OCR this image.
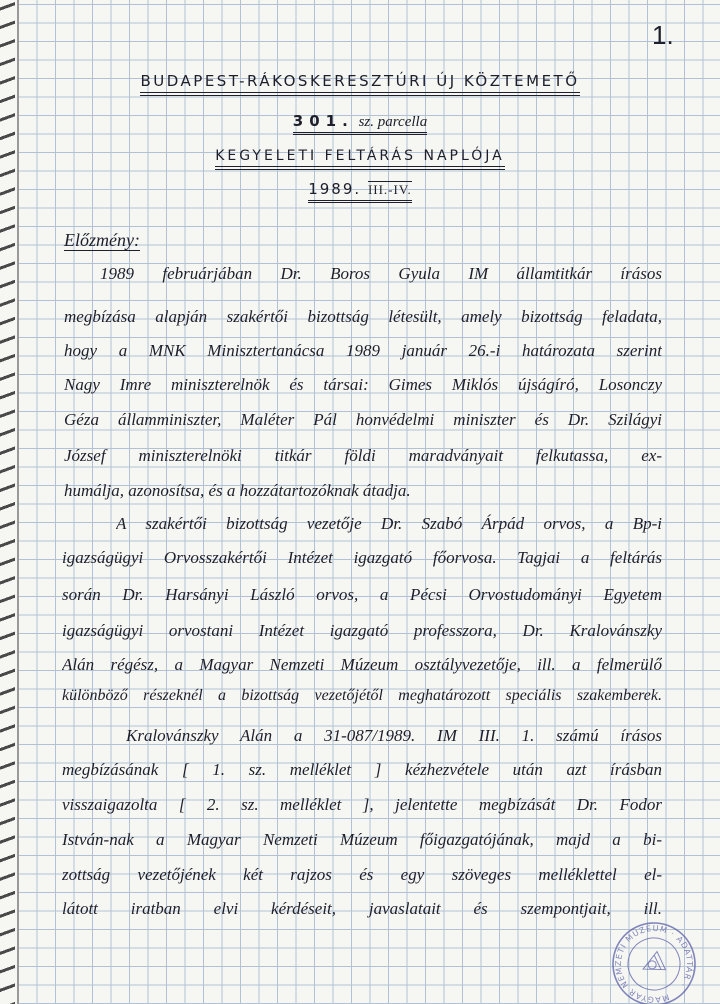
1.
BUDAPEST-RÁKOSKERESZTÚRI ÚJ KÖZTEMETŐ
301. sz. parcella
KEGYELETI FELTÁRÁS NAPLÓJA
1989. III.-IV.
Előzmény:
1989 februárjában Dr. Boros Gyula IM államtitkár írásos
megbízása alapján szakértői bizottság létesült, amely bizottság feladata,
hogy a MNK Minisztertanácsa 1989 január 26.-i határozata szerint
Nagy Imre miniszterelnök és társai: Gimes Miklós újságíró, Losonczy
Géza államminiszter, Maléter Pál honvédelmi miniszter és Dr. Szilágyi
József miniszterelnöki titkár földi maradványait felkutassa, ex-
humálja, azonosítsa, és a hozzátartozóknak átadja.
A szakértői bizottság vezetője Dr. Szabó Árpád orvos, a Bp-i
igazságügyi Orvosszakértői Intézet igazgató főorvosa. Tagjai a feltárás
során Dr. Harsányi László orvos, a Pécsi Orvostudományi Egyetem
igazságügyi orvostani Intézet igazgató professzora, Dr. Kralovánszky
Alán régész, a Magyar Nemzeti Múzeum osztályvezetője, ill. a felmerülő
különböző részeknél a bizottság vezetőjétől meghatározott speciális szakemberek.
Kralovánszky Alán a 31-087/1989. IM III. 1. számú írásos
megbízásának [ 1. sz. melléklet ] kézhezvétele után azt írásban
visszaigazolta [ 2. sz. melléklet ], jelentette megbízását Dr. Fodor
István-nak a Magyar Nemzeti Múzeum főigazgatójának, majd a bi-
zottság vezetőjének két rajzos és egy szöveges melléklettel el-
látott iratban elvi kérdéseit, javaslatait és szempontjait, ill.
MAGYAR NEMZETI MÚZEUM · ADATTÁR ·
